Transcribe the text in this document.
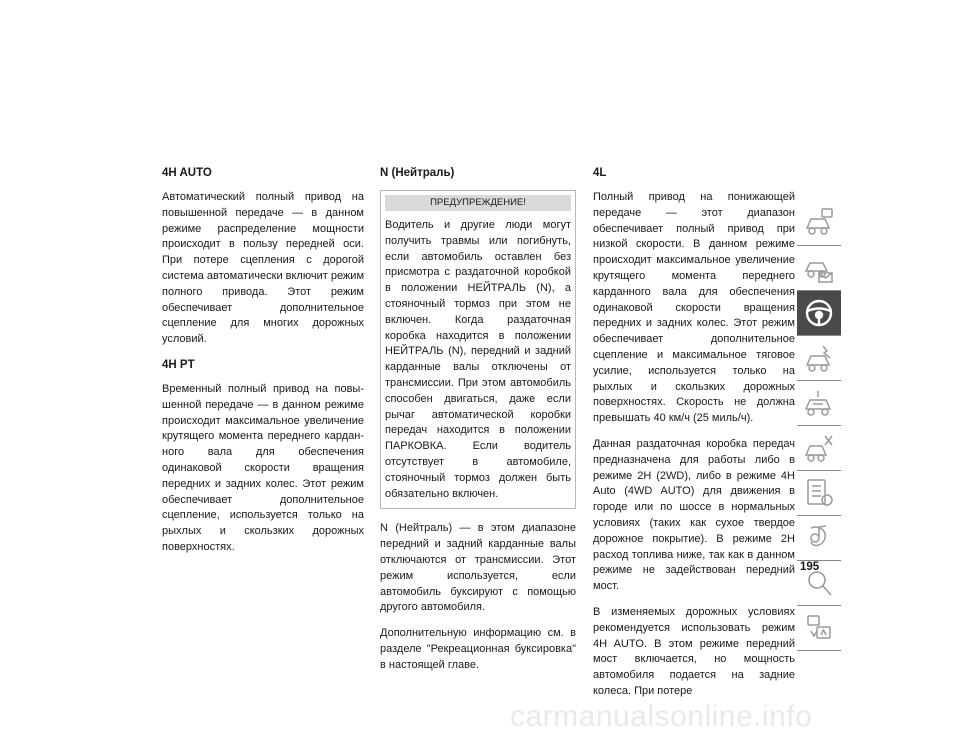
4H AUTO

Автоматический полный привод на повышенной передаче — в данном режиме распределение мощности происходит в пользу передней оси. При потере сцепления с дорогой система автоматически включит режим полного привода. Этот режим обеспечивает дополнительное сцепление для многих дорожных условий.

4H PT

Временный полный привод на повышенной передаче — в данном режиме происходит максимальное увеличение крутящего момента переднего карданного вала для обеспечения одинаковой скорости вращения передних и задних колес. Этот режим обеспечивает дополнительное сцепление, используется только на рыхлых и скользких дорожных поверхностях.

N (Нейтраль)
ПРЕДУПРЕЖДЕНИЕ!
Водитель и другие люди могут получить травмы или погибнуть, если автомобиль оставлен без присмотра с раздаточной коробкой в положении НЕЙТРАЛЬ (N), а стояночный тормоз при этом не включен. Когда раздаточная коробка находится в положении НЕЙТРАЛЬ (N), передний и задний карданные валы отключены от трансмиссии. При этом автомобиль способен двигаться, даже если рычаг автоматической коробки передач находится в положении ПАРКОВКА. Если водитель отсутствует в автомобиле, стояночный тормоз должен быть обязательно включен.

N (Нейтраль) — в этом диапазоне передний и задний карданные валы отключаются от трансмиссии. Этот режим используется, если автомобиль буксируют с помощью другого автомобиля.

Дополнительную информацию см. в разделе "Рекреационная буксировка" в настоящей главе.

4L

Полный привод на понижающей передаче — этот диапазон обеспечивает полный привод при низкой скорости. В данном режиме происходит максимальное увеличение крутящего момента переднего карданного вала для обеспечения одинаковой скорости вращения передних и задних колес. Этот режим обеспечивает дополнительное сцепление и максимальное тяговое усилие, используется только на рыхлых и скользких дорожных поверхностях. Скорость не должна превышать 40 км/ч (25 миль/ч).

Данная раздаточная коробка передач предназначена для работы либо в режиме 2H (2WD), либо в режиме 4H Auto (4WD AUTO) для движения в городе или по шоссе в нормальных условиях (таких как сухое твердое дорожное покрытие). В режиме 2H расход топлива ниже, так как в данном режиме не задействован передний мост.

В изменяемых дорожных условиях рекомендуется использовать режим 4H AUTO. В этом режиме передний мост включается, но мощность автомобиля подается на задние колеса. При потере

195
carmanualsonline.info
